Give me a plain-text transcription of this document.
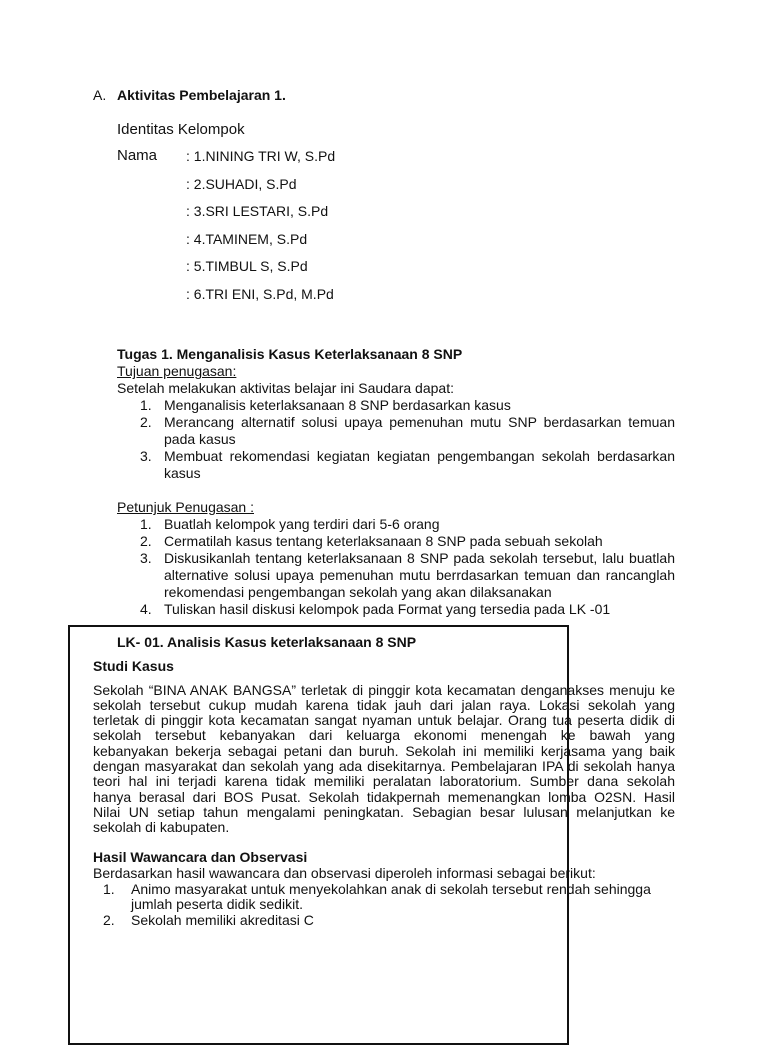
A. Aktivitas Pembelajaran 1.
Identitas Kelompok
Nama : 1.NINING TRI W, S.Pd
: 2.SUHADI, S.Pd
: 3.SRI LESTARI, S.Pd
: 4.TAMINEM, S.Pd
: 5.TIMBUL S, S.Pd
: 6.TRI ENI, S.Pd, M.Pd
Tugas 1. Menganalisis Kasus Keterlaksanaan 8 SNP
Tujuan penugasan:
Setelah melakukan aktivitas belajar ini Saudara dapat:
1. Menganalisis keterlaksanaan 8 SNP berdasarkan kasus
2. Merancang alternatif solusi upaya pemenuhan mutu SNP berdasarkan temuan
pada kasus
3. Membuat rekomendasi kegiatan kegiatan pengembangan sekolah berdasarkan
kasus
Petunjuk Penugasan :
1. Buatlah kelompok yang terdiri dari 5-6 orang
2. Cermatilah kasus tentang keterlaksanaan 8 SNP pada sebuah sekolah
3. Diskusikanlah tentang keterlaksanaan 8 SNP pada sekolah tersebut, lalu buatlah
alternative solusi upaya pemenuhan mutu berrdasarkan temuan dan rancanglah
rekomendasi pengembangan sekolah yang akan dilaksanakan
4. Tuliskan hasil diskusi kelompok pada Format yang tersedia pada LK -01
LK- 01. Analisis Kasus keterlaksanaan 8 SNP
Studi Kasus
Sekolah “BINA ANAK BANGSA” terletak di pinggir kota kecamatan denganakses menuju ke
sekolah tersebut cukup mudah karena tidak jauh dari jalan raya. Lokasi sekolah yang
terletak di pinggir kota kecamatan sangat nyaman untuk belajar. Orang tua peserta didik di
sekolah tersebut kebanyakan dari keluarga ekonomi menengah ke bawah yang
kebanyakan bekerja sebagai petani dan buruh. Sekolah ini memiliki kerjasama yang baik
dengan masyarakat dan sekolah yang ada disekitarnya. Pembelajaran IPA di sekolah hanya
teori hal ini terjadi karena tidak memiliki peralatan laboratorium. Sumber dana sekolah
hanya berasal dari BOS Pusat. Sekolah tidakpernah memenangkan lomba O2SN. Hasil
Nilai UN setiap tahun mengalami peningkatan. Sebagian besar lulusan melanjutkan ke
sekolah di kabupaten.
Hasil Wawancara dan Observasi
Berdasarkan hasil wawancara dan observasi diperoleh informasi sebagai berikut:
1. Animo masyarakat untuk menyekolahkan anak di sekolah tersebut rendah sehingga
jumlah peserta didik sedikit.
2. Sekolah memiliki akreditasi C
